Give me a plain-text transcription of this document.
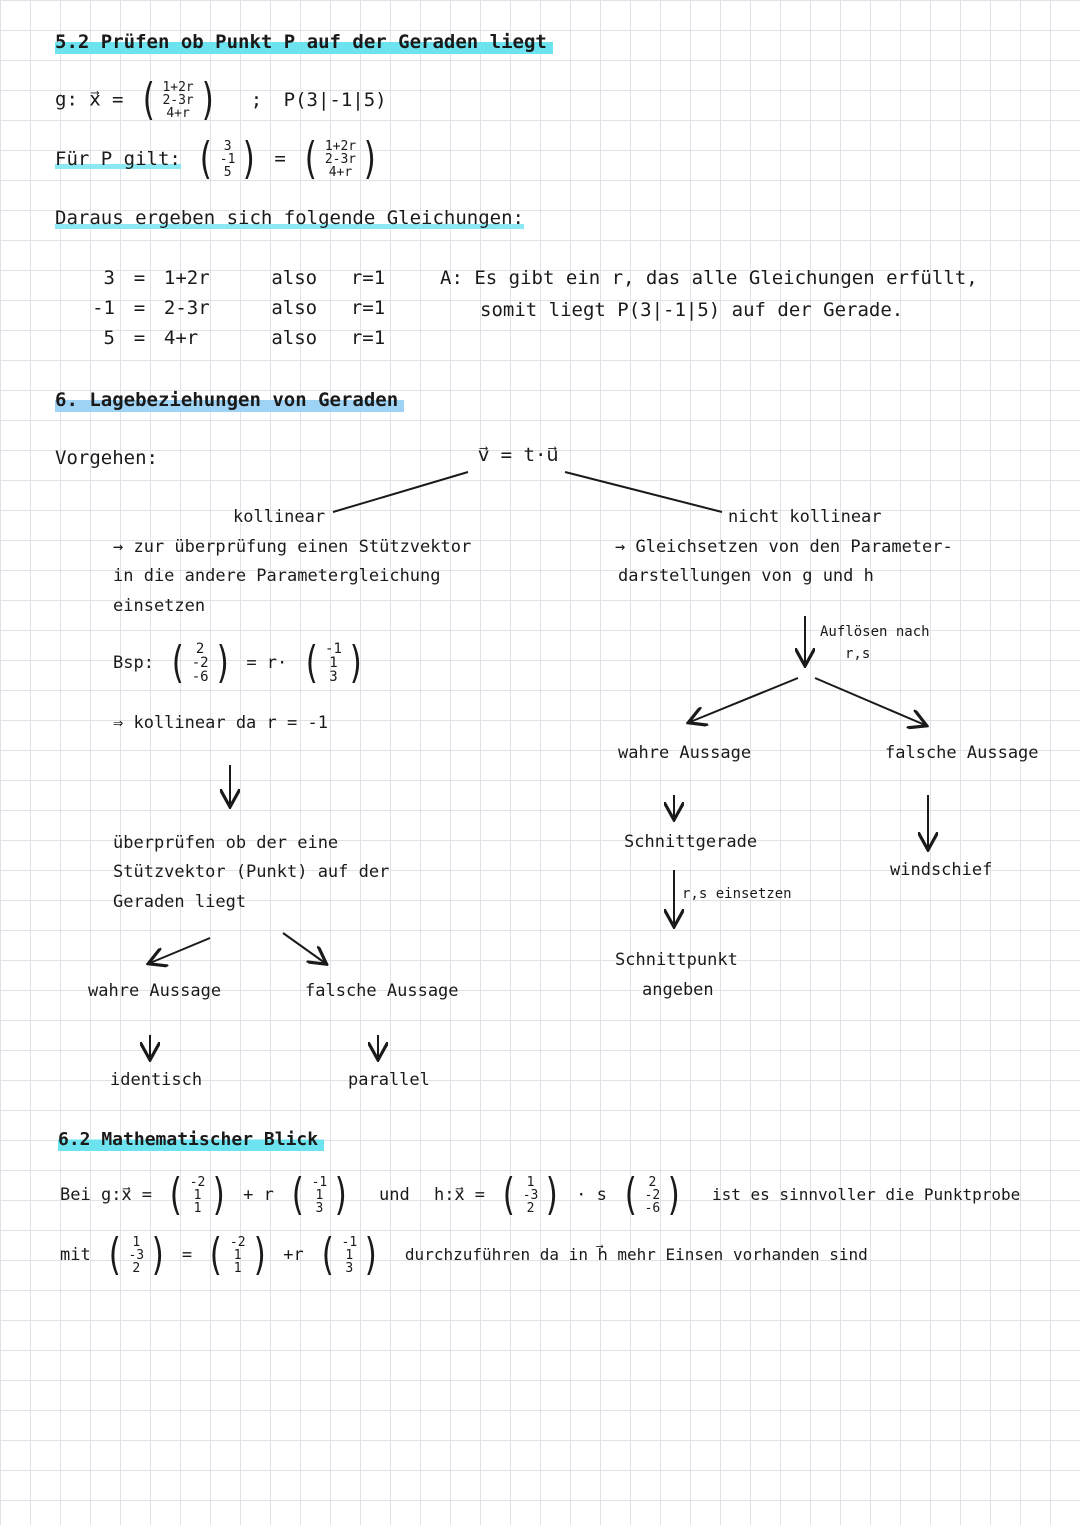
5.2 Prüfen ob Punkt P auf der Geraden liegt
g: x⃗ = ( 1+2r
2-3r
4+r ) ; P(3|-1|5)
Für P gilt: ( 3
-1
5 ) = ( 1+2r
2-3r
4+r )
Daraus ergeben sich folgende Gleichungen:
3 = 1+2r	also r=1
-1 = 2-3r	also r=1
5 = 4+r	also r=1
A: Es gibt ein r, das alle Gleichungen erfüllt,
somit liegt P(3|-1|5) auf der Gerade.
6. Lagebeziehungen von Geraden
Vorgehen:	v⃗ = t·u⃗
kollinear
→ zur überprüfung einen Stützvektor
in die andere Parametergleichung
einsetzen
Bsp: ( 2
-2
-6 ) = r· ( -1
1
3 )
⇒ kollinear da r = -1
überprüfen ob der eine
Stützvektor (Punkt) auf der
Geraden liegt
wahre Aussage	falsche Aussage
identisch	parallel
nicht kollinear
→ Gleichsetzen von den Parameter-
darstellungen von g und h
Auflösen nach
r,s
wahre Aussage	falsche Aussage
Schnittgerade
r,s einsetzen
Schnittpunkt
angeben
windschief
6.2 Mathematischer Blick
Bei g:x⃗ = ( -2
1
1 ) + r ( -1
1
3 ) und h:x⃗ = ( 1
-3
2 ) · s ( 2
-2
-6 ) ist es sinnvoller die Punktprobe
mit ( 1
-3
2 ) = ( -2
1
1 ) +r ( -1
1
3 ) durchzuführen da in h⃗ mehr Einsen vorhanden sind
